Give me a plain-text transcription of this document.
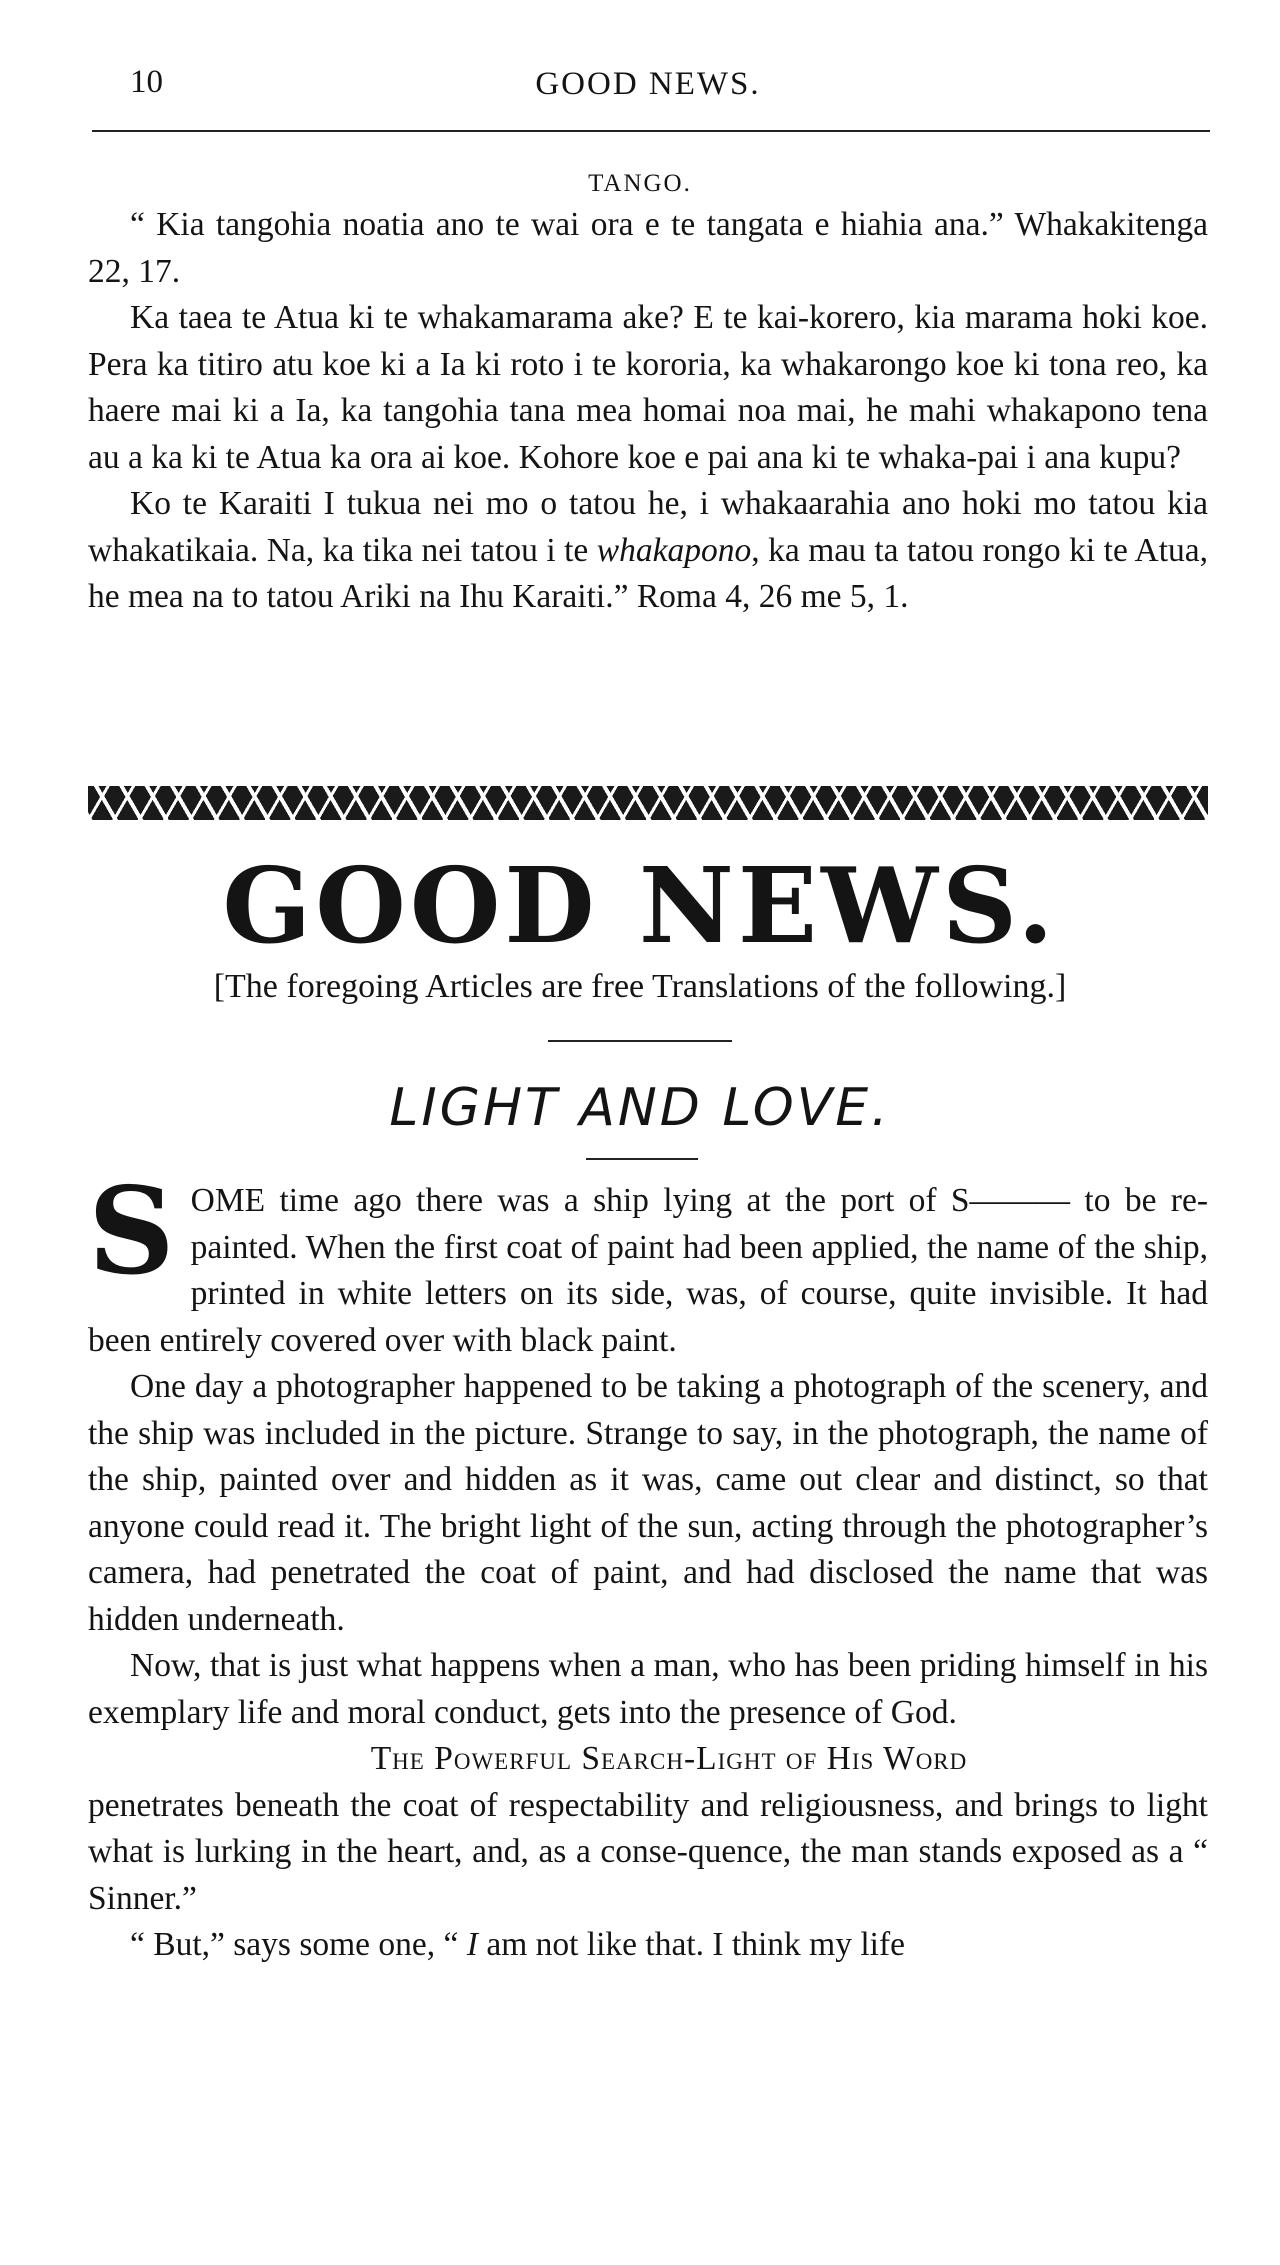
10	GOOD NEWS.
TANGO.

“ Kia tangohia noatia ano te wai ora e te tangata e hiahia ana.” Whakakitenga 22, 17.

Ka taea te Atua ki te whakamarama ake? E te kai-korero, kia marama hoki koe. Pera ka titiro atu koe ki a Ia ki roto i te kororia, ka whakarongo koe ki tona reo, ka haere mai ki a Ia, ka tangohia tana mea homai noa mai, he mahi whakapono tena au a ka ki te Atua ka ora ai koe. Kohore koe e pai ana ki te whaka-pai i ana kupu?

Ko te Karaiti I tukua nei mo o tatou he, i whakaarahia ano hoki mo tatou kia whakatikaia. Na, ka tika nei tatou i te whakapono, ka mau ta tatou rongo ki te Atua, he mea na to tatou Ariki na Ihu Karaiti.” Roma 4, 26 me 5, 1.

GOOD NEWS.
[The foregoing Articles are free Translations of the following.]
LIGHT AND LOVE.

SOME time ago there was a ship lying at the port of S——— to be re-painted. When the first coat of paint had been applied, the name of the ship, printed in white letters on its side, was, of course, quite invisible. It had been entirely covered over with black paint.

One day a photographer happened to be taking a photograph of the scenery, and the ship was included in the picture. Strange to say, in the photograph, the name of the ship, painted over and hidden as it was, came out clear and distinct, so that anyone could read it. The bright light of the sun, acting through the photographer’s camera, had penetrated the coat of paint, and had disclosed the name that was hidden underneath.

Now, that is just what happens when a man, who has been priding himself in his exemplary life and moral conduct, gets into the presence of God.

The Powerful Search-Light of His Word

penetrates beneath the coat of respectability and religiousness, and brings to light what is lurking in the heart, and, as a conse-quence, the man stands exposed as a “ Sinner.”

“ But,” says some one, “ I am not like that. I think my life
